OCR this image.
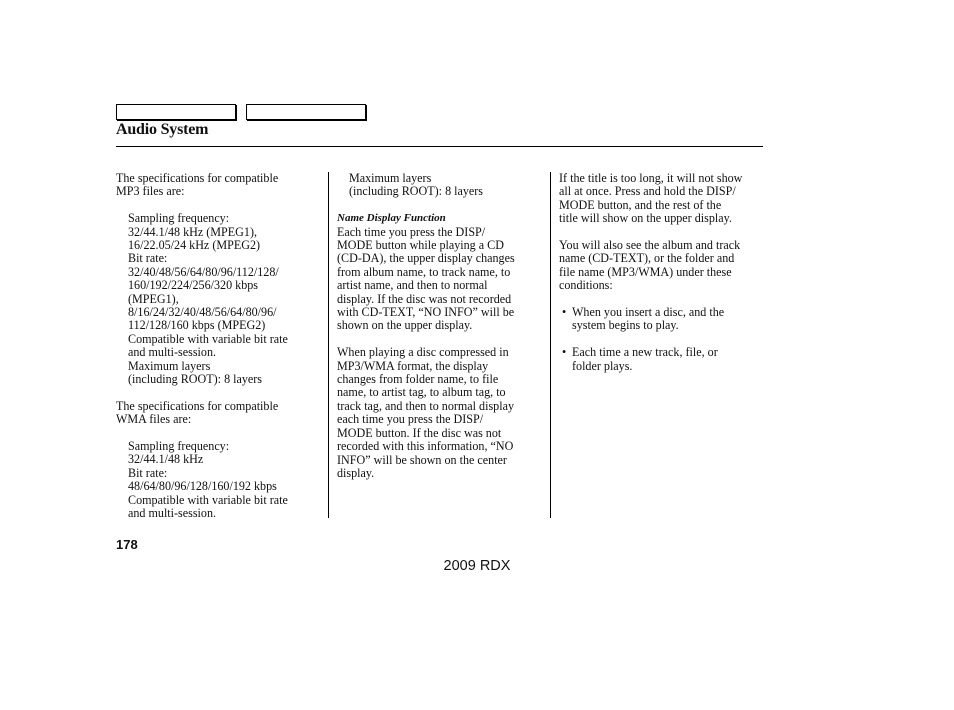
Audio System

The specifications for compatible
MP3 files are:

Sampling frequency:
32/44.1/48 kHz (MPEG1),
16/22.05/24 kHz (MPEG2)
Bit rate:
32/40/48/56/64/80/96/112/128/
160/192/224/256/320 kbps
(MPEG1),
8/16/24/32/40/48/56/64/80/96/
112/128/160 kbps (MPEG2)
Compatible with variable bit rate
and multi-session.
Maximum layers
(including ROOT): 8 layers

The specifications for compatible
WMA files are:

Sampling frequency:
32/44.1/48 kHz
Bit rate:
48/64/80/96/128/160/192 kbps
Compatible with variable bit rate
and multi-session.

Maximum layers
(including ROOT): 8 layers

Name Display Function

Each time you press the DISP/
MODE button while playing a CD
(CD-DA), the upper display changes
from album name, to track name, to
artist name, and then to normal
display. If the disc was not recorded
with CD-TEXT, “NO INFO” will be
shown on the upper display.

When playing a disc compressed in
MP3/WMA format, the display
changes from folder name, to file
name, to artist tag, to album tag, to
track tag, and then to normal display
each time you press the DISP/
MODE button. If the disc was not
recorded with this information, “NO
INFO” will be shown on the center
display.

If the title is too long, it will not show
all at once. Press and hold the DISP/
MODE button, and the rest of the
title will show on the upper display.

You will also see the album and track
name (CD-TEXT), or the folder and
file name (MP3/WMA) under these
conditions:

• When you insert a disc, and the
system begins to play.

• Each time a new track, file, or
folder plays.

178
2009 RDX
